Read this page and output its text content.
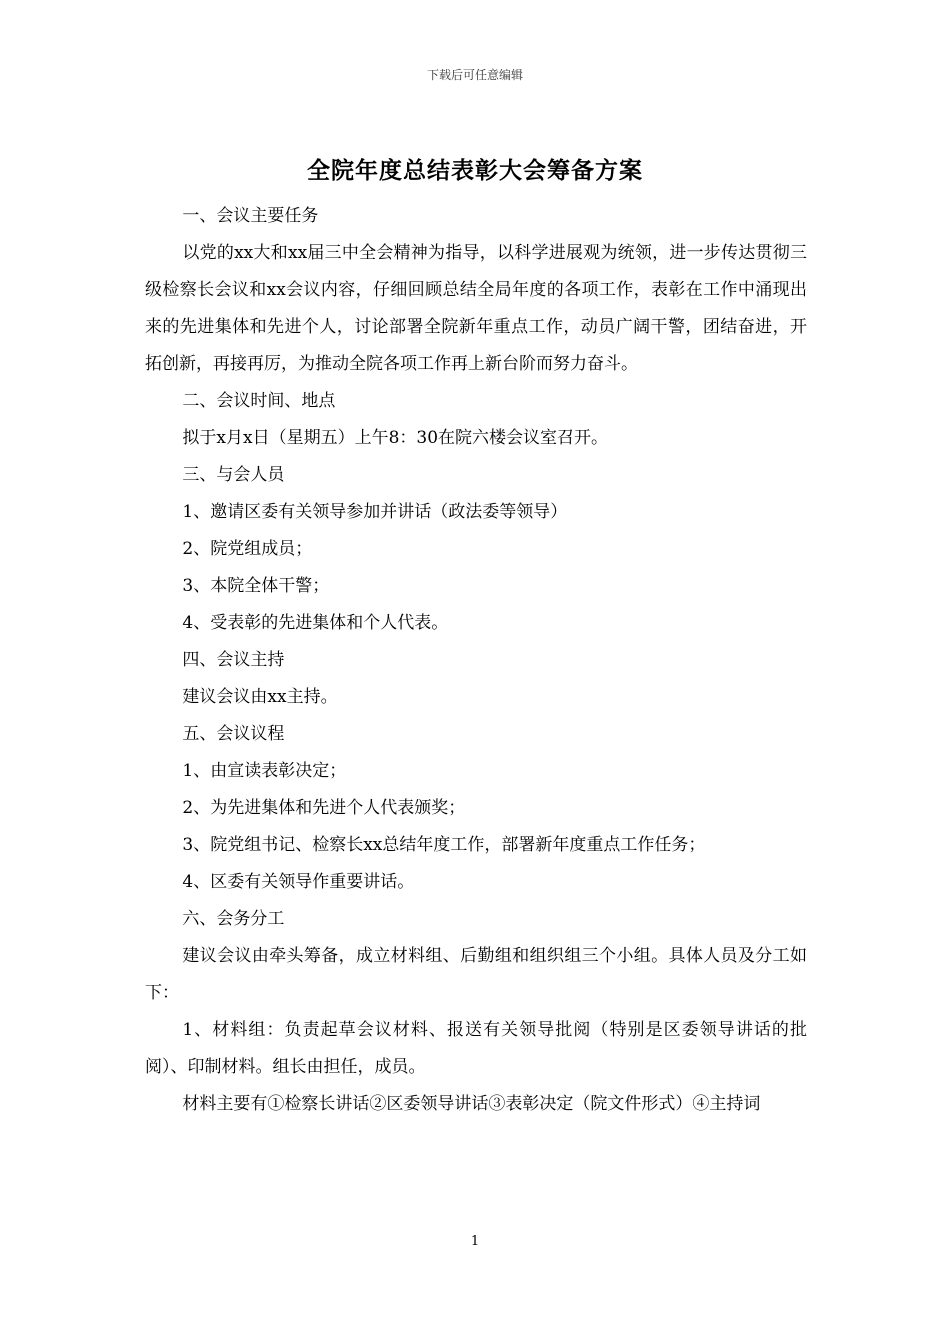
下载后可任意编辑
全院年度总结表彰大会筹备方案

一、会议主要任务

以党的xx大和xx届三中全会精神为指导，以科学进展观为统领，进一步传达贯彻三级检察长会议和xx会议内容，仔细回顾总结全局年度的各项工作，表彰在工作中涌现出来的先进集体和先进个人，讨论部署全院新年重点工作，动员广阔干警，团结奋进，开拓创新，再接再厉，为推动全院各项工作再上新台阶而努力奋斗。

二、会议时间、地点

拟于x月x日（星期五）上午8：30在院六楼会议室召开。

三、与会人员

1、邀请区委有关领导参加并讲话（政法委等领导）

2、院党组成员；

3、本院全体干警；

4、受表彰的先进集体和个人代表。

四、会议主持

建议会议由xx主持。

五、会议议程

1、由宣读表彰决定；

2、为先进集体和先进个人代表颁奖；

3、院党组书记、检察长xx总结年度工作，部署新年度重点工作任务；

4、区委有关领导作重要讲话。

六、会务分工

建议会议由牵头筹备，成立材料组、后勤组和组织组三个小组。具体人员及分工如下：

1、材料组：负责起草会议材料、报送有关领导批阅（特别是区委领导讲话的批阅）、印制材料。组长由担任，成员。

材料主要有①检察长讲话②区委领导讲话③表彰决定（院文件形式）④主持词

1
